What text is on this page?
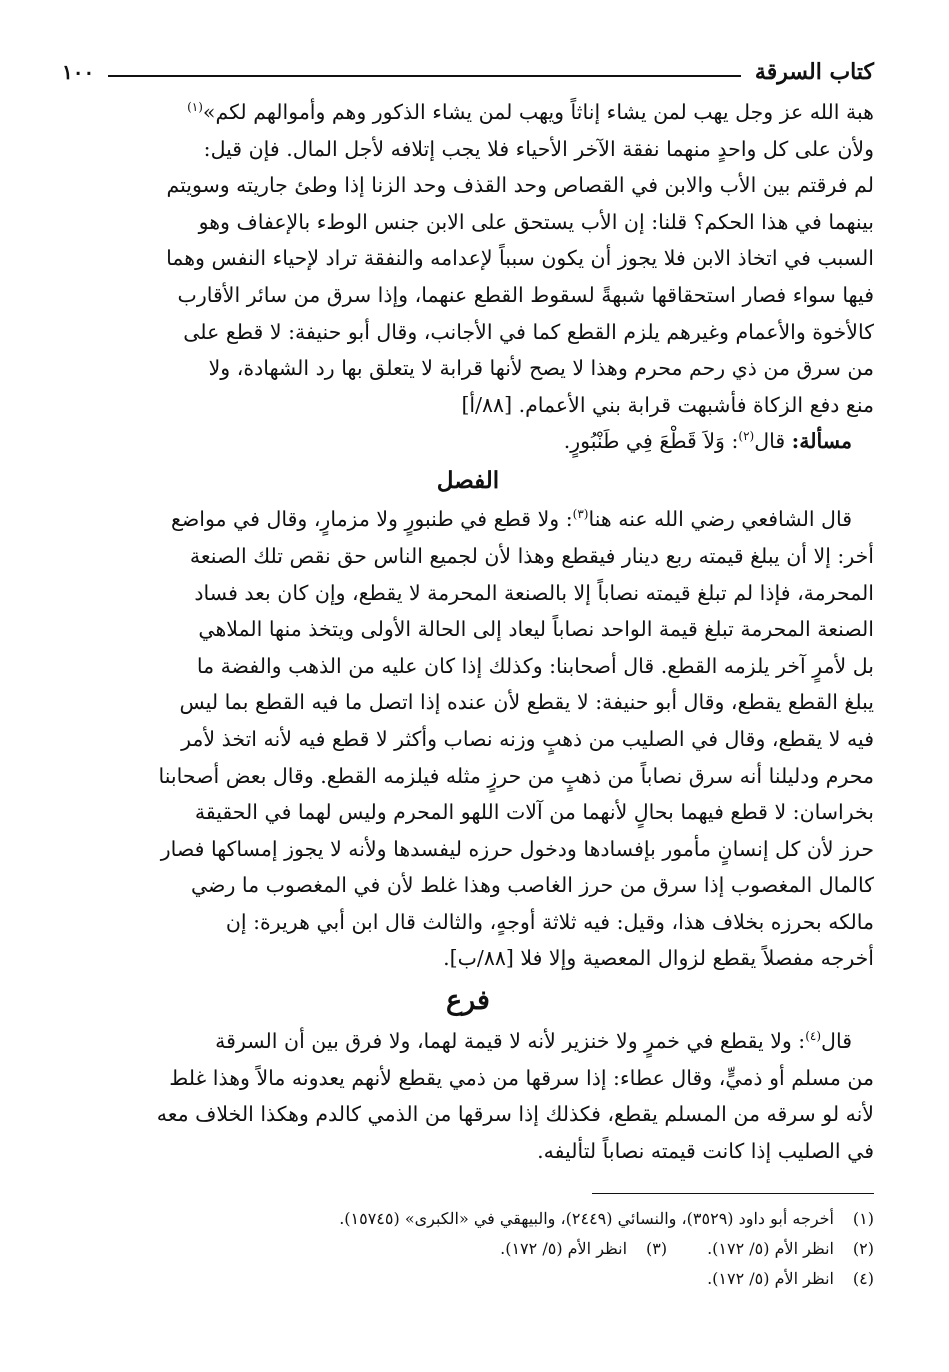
كتاب السرقة
١٠٠

هبة الله عز وجل يهب لمن يشاء إناثاً ويهب لمن يشاء الذكور وهم وأموالهم لكم»$^{(١)}$

ولأن على كل واحدٍ منهما نفقة الآخر الأحياء فلا يجب إتلافه لأجل المال. فإن قيل:

لم فرقتم بين الأب والابن في القصاص وحد القذف وحد الزنا إذا وطئ جاريته وسويتم

بينهما في هذا الحكم؟ قلنا: إن الأب يستحق على الابن جنس الوطء بالإعفاف وهو

السبب في اتخاذ الابن فلا يجوز أن يكون سبباً لإعدامه والنفقة تراد لإحياء النفس وهما

فيها سواء فصار استحقاقها شبهةً لسقوط القطع عنهما، وإذا سرق من سائر الأقارب

كالأخوة والأعمام وغيرهم يلزم القطع كما في الأجانب، وقال أبو حنيفة: لا قطع على

من سرق من ذي رحم محرم وهذا لا يصح لأنها قرابة لا يتعلق بها رد الشهادة، ولا

منع دفع الزكاة فأشبهت قرابة بني الأعمام. [٨٨/أ]

مسألة: قال$^{(٢)}$: وَلاَ قَطْعَ فِي طَنْبُورٍ.

الفصل

قال الشافعي رضي الله عنه هنا$^{(٣)}$: ولا قطع في طنبورٍ ولا مزمارٍ، وقال في مواضع

أخر: إلا أن يبلغ قيمته ربع دينار فيقطع وهذا لأن لجميع الناس حق نقص تلك الصنعة

المحرمة، فإذا لم تبلغ قيمته نصاباً إلا بالصنعة المحرمة لا يقطع، وإن كان بعد فساد

الصنعة المحرمة تبلغ قيمة الواحد نصاباً ليعاد إلى الحالة الأولى ويتخذ منها الملاهي

بل لأمرٍ آخر يلزمه القطع. قال أصحابنا: وكذلك إذا كان عليه من الذهب والفضة ما

يبلغ القطع يقطع، وقال أبو حنيفة: لا يقطع لأن عنده إذا اتصل ما فيه القطع بما ليس

فيه لا يقطع، وقال في الصليب من ذهبٍ وزنه نصاب وأكثر لا قطع فيه لأنه اتخذ لأمر

محرم ودليلنا أنه سرق نصاباً من ذهبٍ من حرزٍ مثله فيلزمه القطع. وقال بعض أصحابنا

بخراسان: لا قطع فيهما بحالٍ لأنهما من آلات اللهو المحرم وليس لهما في الحقيقة

حرز لأن كل إنسانٍ مأمور بإفسادها ودخول حرزه ليفسدها ولأنه لا يجوز إمساكها فصار

كالمال المغصوب إذا سرق من حرز الغاصب وهذا غلط لأن في المغصوب ما رضي

مالكه بحرزه بخلاف هذا، وقيل: فيه ثلاثة أوجهٍ، والثالث قال ابن أبي هريرة: إن

أخرجه مفصلاً يقطع لزوال المعصية وإلا فلا [٨٨/ب].

فرع

قال$^{(٤)}$: ولا يقطع في خمرٍ ولا خنزير لأنه لا قيمة لهما، ولا فرق بين أن السرقة

من مسلم أو ذميٍّ، وقال عطاء: إذا سرقها من ذمي يقطع لأنهم يعدونه مالاً وهذا غلط

لأنه لو سرقه من المسلم يقطع، فكذلك إذا سرقها من الذمي كالدم وهكذا الخلاف معه

في الصليب إذا كانت قيمته نصاباً لتأليفه.

(١)
أخرجه أبو داود (٣٥٢٩)، والنسائي (٢٤٤٩)، والبيهقي في «الكبرى» (١٥٧٤٥).
(٢)
انظر الأم (٥/ ١٧٢).
(٣)
انظر الأم (٥/ ١٧٢).
(٤)
انظر الأم (٥/ ١٧٢).
